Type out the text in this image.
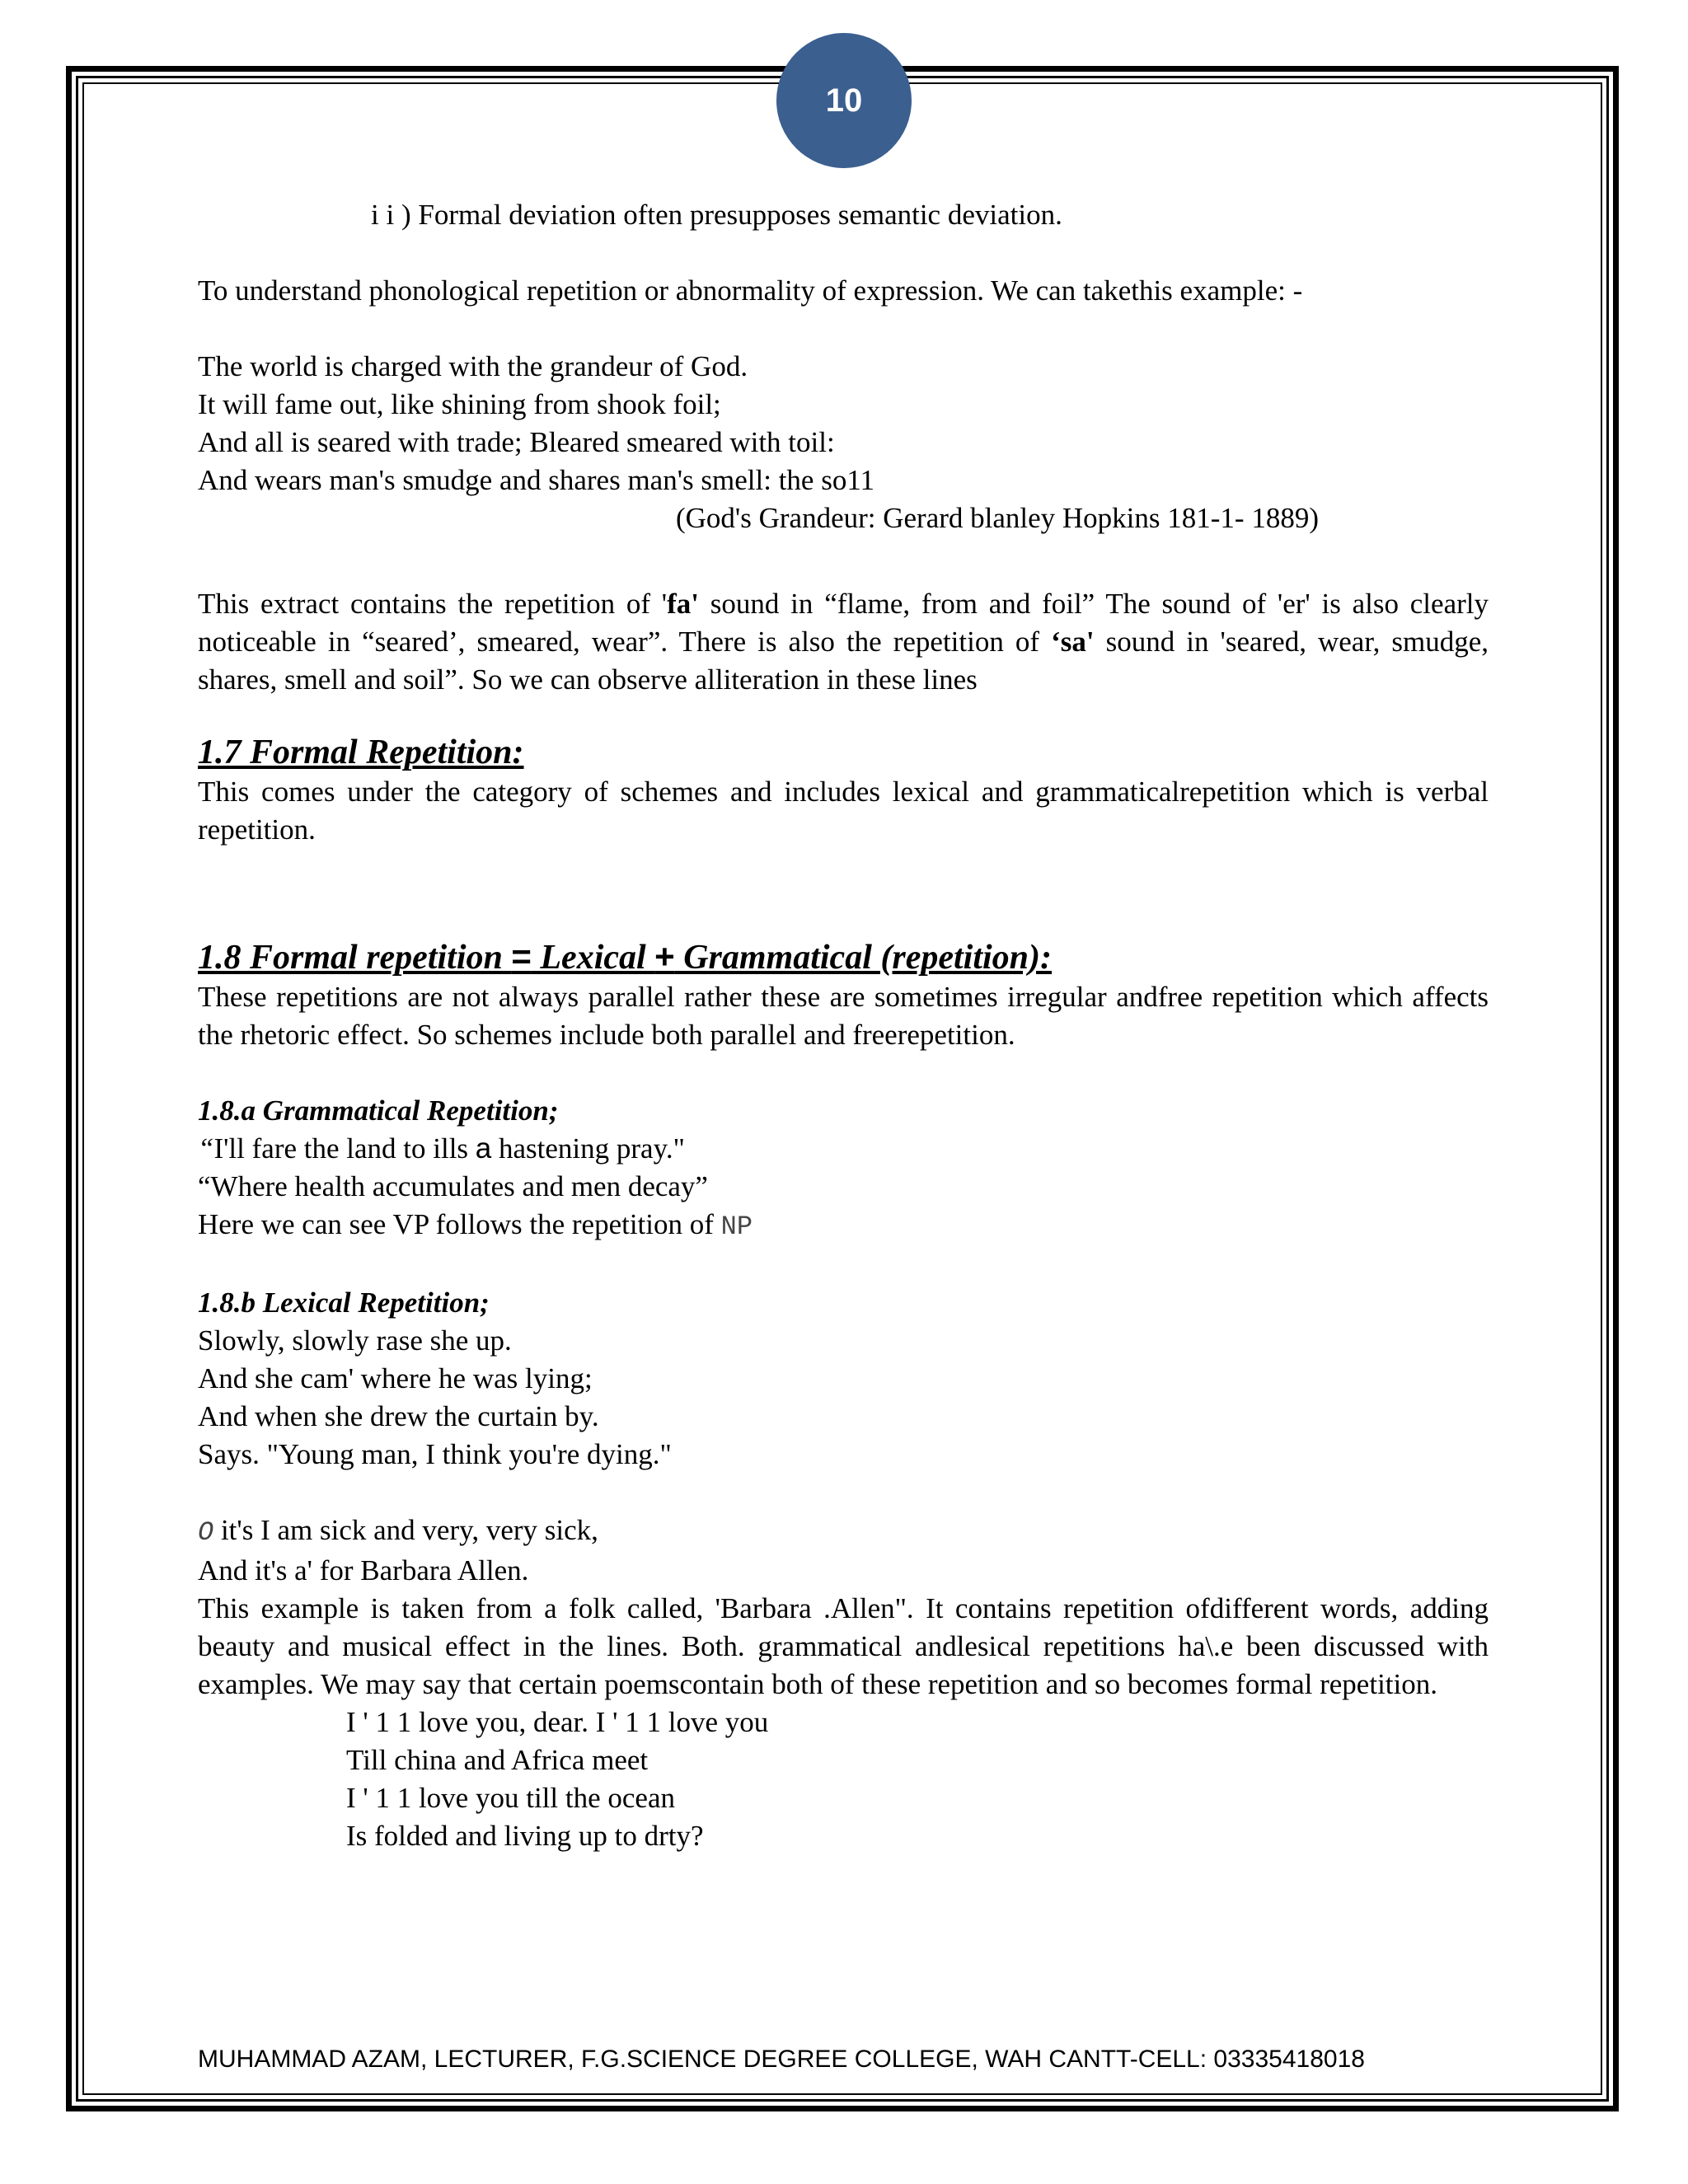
10

i i ) Formal deviation often presupposes semantic deviation.

To understand phonological repetition or abnormality of expression. We can takethis example: -

The world is charged with the grandeur of God.

It will fame out, like shining from shook foil;

And all is seared with trade; Bleared smeared with toil:

And wears man's smudge and shares man's smell: the so11

(God's Grandeur: Gerard blanley Hopkins 181-1- 1889)

This extract contains the repetition of 'fa' sound in “flame, from and foil” The sound of 'er' is also clearly noticeable in “seared’, smeared, wear”. There is also the repetition of ‘sa' sound in 'seared, wear, smudge, shares, smell and soil”. So we can observe alliteration in these lines

1.7 Formal Repetition:

This comes under the category of schemes and includes lexical and grammaticalrepetition which is verbal repetition.

1.8 Formal repetition = Lexical + Grammatical (repetition):

These repetitions are not always parallel rather these are sometimes irregular andfree repetition which affects the rhetoric effect. So schemes include both parallel and freerepetition.

1.8.a Grammatical Repetition;

“I'll fare the land to ills a hastening pray."

“Where health accumulates and men decay”

Here we can see VP follows the repetition of NP

1.8.b Lexical Repetition;

Slowly, slowly rase she up.

And she cam' where he was lying;

And when she drew the curtain by.

Says. "Young man, I think you're dying."

O it's I am sick and very, very sick,

And it's a' for Barbara Allen.

This example is taken from a folk called, 'Barbara .Allen". It contains repetition ofdifferent words, adding beauty and musical effect in the lines. Both. grammatical andlesical repetitions ha\.e been discussed with examples. We may say that certain poemscontain both of these repetition and so becomes formal repetition.

I ' 1 1 love you, dear. I ' 1 1 love you

Till china and Africa meet

I ' 1 1 love you till the ocean

Is folded and living up to drty?

MUHAMMAD AZAM, LECTURER, F.G.SCIENCE DEGREE COLLEGE, WAH CANTT-CELL: 03335418018
